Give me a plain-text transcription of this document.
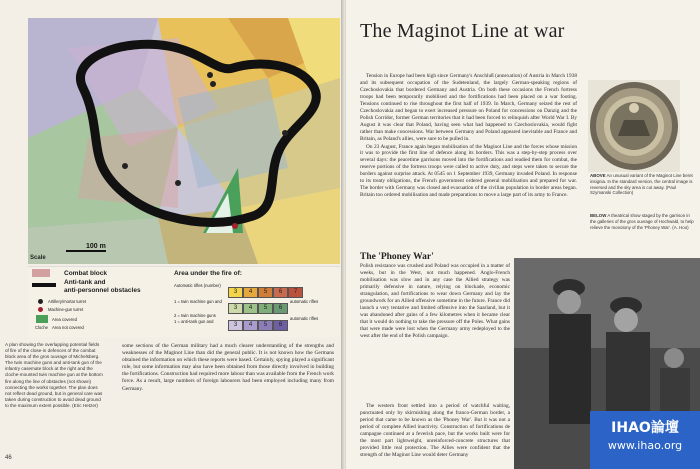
100 m
Scale
Combat block
Anti-tank and
anti-personnel obstacles
Artillery/mortar turret
Machine-gun turret
Area covered
Cloche Area not covered
Area under the fire of:
Automatic rifles (number)
3 4 5 6 7
1 = twin machine gun and
3 4 5 6
automatic rifles
2 = twin machine guns
1 = anti-tank gun and
3 4 5 6
automatic rifles
A plan showing the overlapping potential fields of fire of the close-in defences of the combat block area of the gros ouvrage of Michelsberg. The twin machine guns and anti-tank gun of the infantry casemate block at the right and the cloche-mounted twin machine gun at the bottom fire along the line of obstacles (not shown) connecting the works together. The plan does not reflect dead ground, but in general care was taken during construction to avoid dead ground to the maximum extent possible. (Eric Hetzer)
some sections of the German military had a much clearer understanding of the strengths and weaknesses of the Maginot Line than did the general public. It is not known how the Germans obtained the information on which these reports were based. Certainly, spying played a significant role, but some information may also have been obtained from those directly involved in building the fortifications. Construction had required more labour than was available from the French work force. As a result, large numbers of foreign labourers had been employed including many from Germany.
46
The Maginot Line at war

Tension in Europe had been high since Germany's Anschluß (annexation) of Austria in March 1938 and its subsequent occupation of the Sudetenland, the largely German-speaking regions of Czechoslovakia that bordered Germany and Austria. On both these occasions the French fortress troops had been temporarily mobilised and the fortifications had been placed on a war footing. Tensions continued to rise throughout the first half of 1939. In March, Germany seized the rest of Czechoslovakia and began to exert increased pressure on Poland for concessions on Danzig and the Polish Corridor, former German territories that it had been forced to relinquish after World War I. By August it was clear that Poland, having seen what had happened to Czechoslovakia, would fight rather than make concessions. War between Germany and Poland appeared inevitable and France and Britain, as Poland's allies, were sure to be pulled in.

On 23 August, France again began mobilisation of the Maginot Line and the forces whose mission it was to provide the first line of defence along its borders. This was a step-by-step process over several days: the peacetime garrisons moved into the fortifications and readied them for combat, the reserve portions of the fortress troops were called to active duty, and steps were taken to secure the borders against surprise attack. At 0545 on 1 September 1939, Germany invaded Poland. In response to its treaty obligations, the French government ordered general mobilisation and prepared for war. The border with Germany was closed and evacuation of the civilian population in border areas began. Britain too ordered mobilisation and made preparations to move a large part of its army to France.

ABOVE An unusual variant of the Maginot Line beret insignia. In the standard version, the central image is reversed and the sky area is cut away. (Paul Szymanski Collection)
BELOW A theatrical show staged by the garrison in the galleries of the gros ouvrage of Hochwald, to help relieve the monotony of the 'Phoney War'. (A. Hoo)
The 'Phoney War'

Polish resistance was crushed and Poland was occupied in a matter of weeks, but in the West, not much happened. Anglo-French mobilisation was slow and in any case the Allied strategy was primarily defensive in nature, relying on blockade, economic strangulation, and fortifications to wear down Germany and lay the groundwork for an Allied offensive sometime in the future. France did launch a very tentative and limited offensive into the Saarland, but it was abandoned after gains of a few kilometres when it became clear that it would do nothing to take the pressure off the Poles. What gains that were made were lost when the Germany army redeployed to the west after the end of the Polish campaign.

The western front settled into a period of watchful waiting, punctuated only by skirmishing along the franco-German border, a period that came to be known as the 'Phoney War'. But it was not a period of complete Allied inactivity. Construction of fortifications de campagne continued at a feverish pace, but the works built were for the most part lightweight, unreinforced-concrete structures that provided little real protection. The Allies were confident that the strength of the Maginot Line would deter Germany

IHAO論壇
www.ihao.org
